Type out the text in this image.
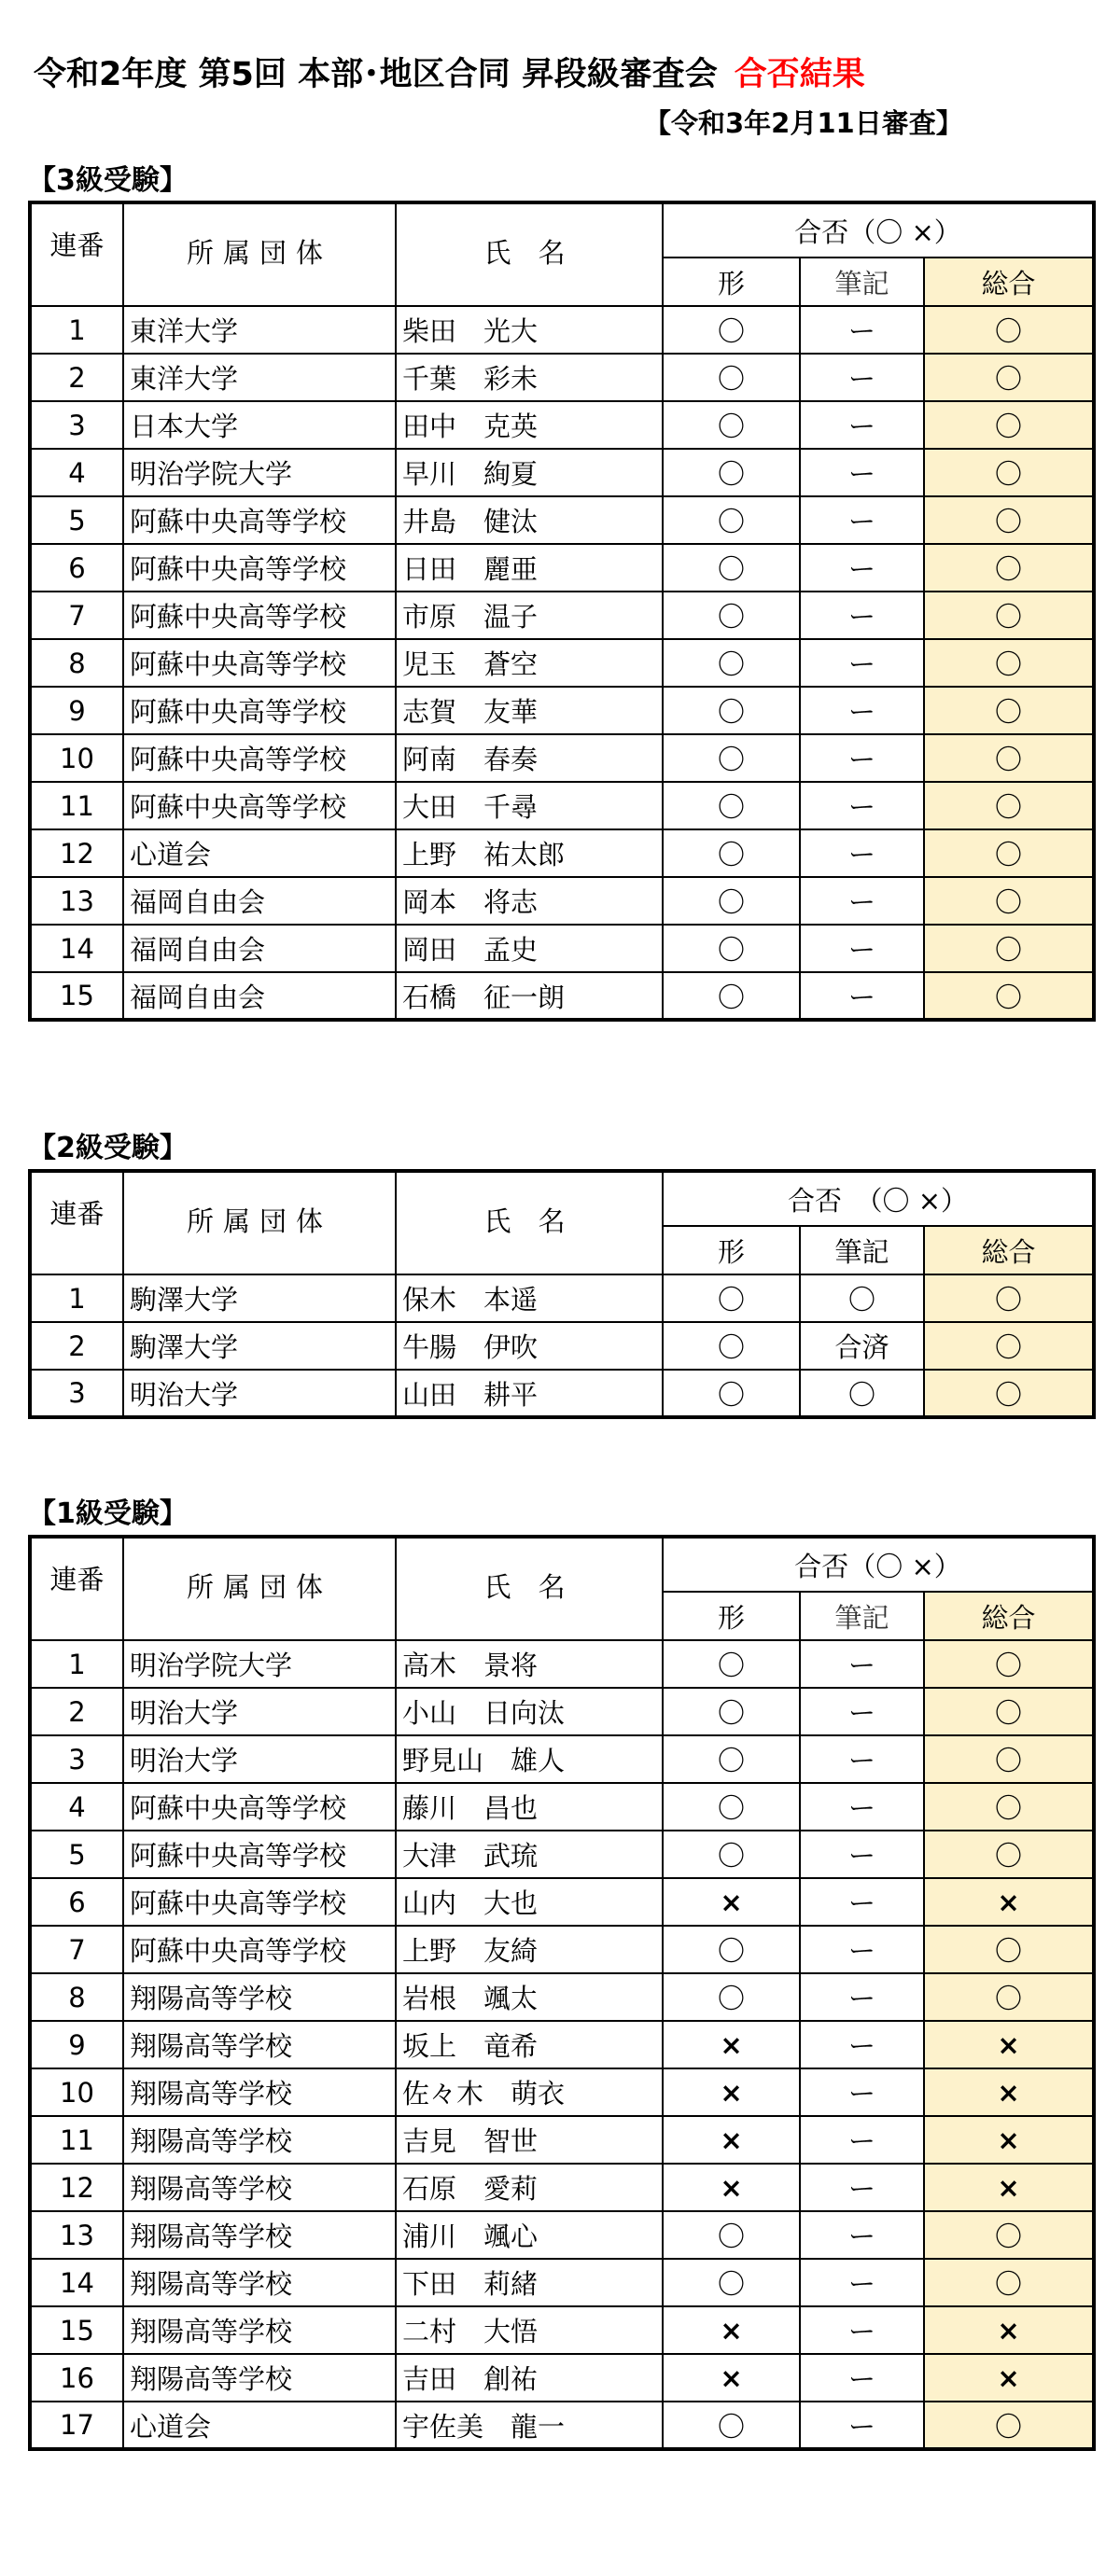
令和2年度 第5回 本部･地区合同 昇段級審査会 合否結果
【令和3年2月11日審査】
【3級受験】
連番	所属団体	氏 名	合否（〇 ×）		
			形	筆記	総合
1	東洋大学	柴田　光大	〇	ー	〇
2	東洋大学	千葉　彩未	〇	ー	〇
3	日本大学	田中　克英	〇	ー	〇
4	明治学院大学	早川　絢夏	〇	ー	〇
5	阿蘇中央高等学校	井島　健汰	〇	ー	〇
6	阿蘇中央高等学校	日田　麗亜	〇	ー	〇
7	阿蘇中央高等学校	市原　温子	〇	ー	〇
8	阿蘇中央高等学校	児玉　蒼空	〇	ー	〇
9	阿蘇中央高等学校	志賀　友華	〇	ー	〇
10	阿蘇中央高等学校	阿南　春奏	〇	ー	〇
11	阿蘇中央高等学校	大田　千尋	〇	ー	〇
12	心道会	上野　祐太郎	〇	ー	〇
13	福岡自由会	岡本　将志	〇	ー	〇
14	福岡自由会	岡田　孟史	〇	ー	〇
15	福岡自由会	石橋　征一朗	〇	ー	〇
【2級受験】
連番	所属団体	氏 名	合否　（〇 ×）		
			形	筆記	総合
1	駒澤大学	保木　本遥	〇	〇	〇
2	駒澤大学	牛腸　伊吹	〇	合済	〇
3	明治大学	山田　耕平	〇	〇	〇
【1級受験】
連番	所属団体	氏 名	合否（〇 ×）		
			形	筆記	総合
1	明治学院大学	高木　景将	〇	ー	〇
2	明治大学	小山　日向汰	〇	ー	〇
3	明治大学	野見山　雄人	〇	ー	〇
4	阿蘇中央高等学校	藤川　昌也	〇	ー	〇
5	阿蘇中央高等学校	大津　武琉	〇	ー	〇
6	阿蘇中央高等学校	山内　大也	×	ー	×
7	阿蘇中央高等学校	上野　友綺	〇	ー	〇
8	翔陽高等学校	岩根　颯太	〇	ー	〇
9	翔陽高等学校	坂上　竜希	×	ー	×
10	翔陽高等学校	佐々木　萌衣	×	ー	×
11	翔陽高等学校	吉見　智世	×	ー	×
12	翔陽高等学校	石原　愛莉	×	ー	×
13	翔陽高等学校	浦川　颯心	〇	ー	〇
14	翔陽高等学校	下田　莉緒	〇	ー	〇
15	翔陽高等学校	二村　大悟	×	ー	×
16	翔陽高等学校	吉田　創祐	×	ー	×
17	心道会	宇佐美　龍一	〇	ー	〇
